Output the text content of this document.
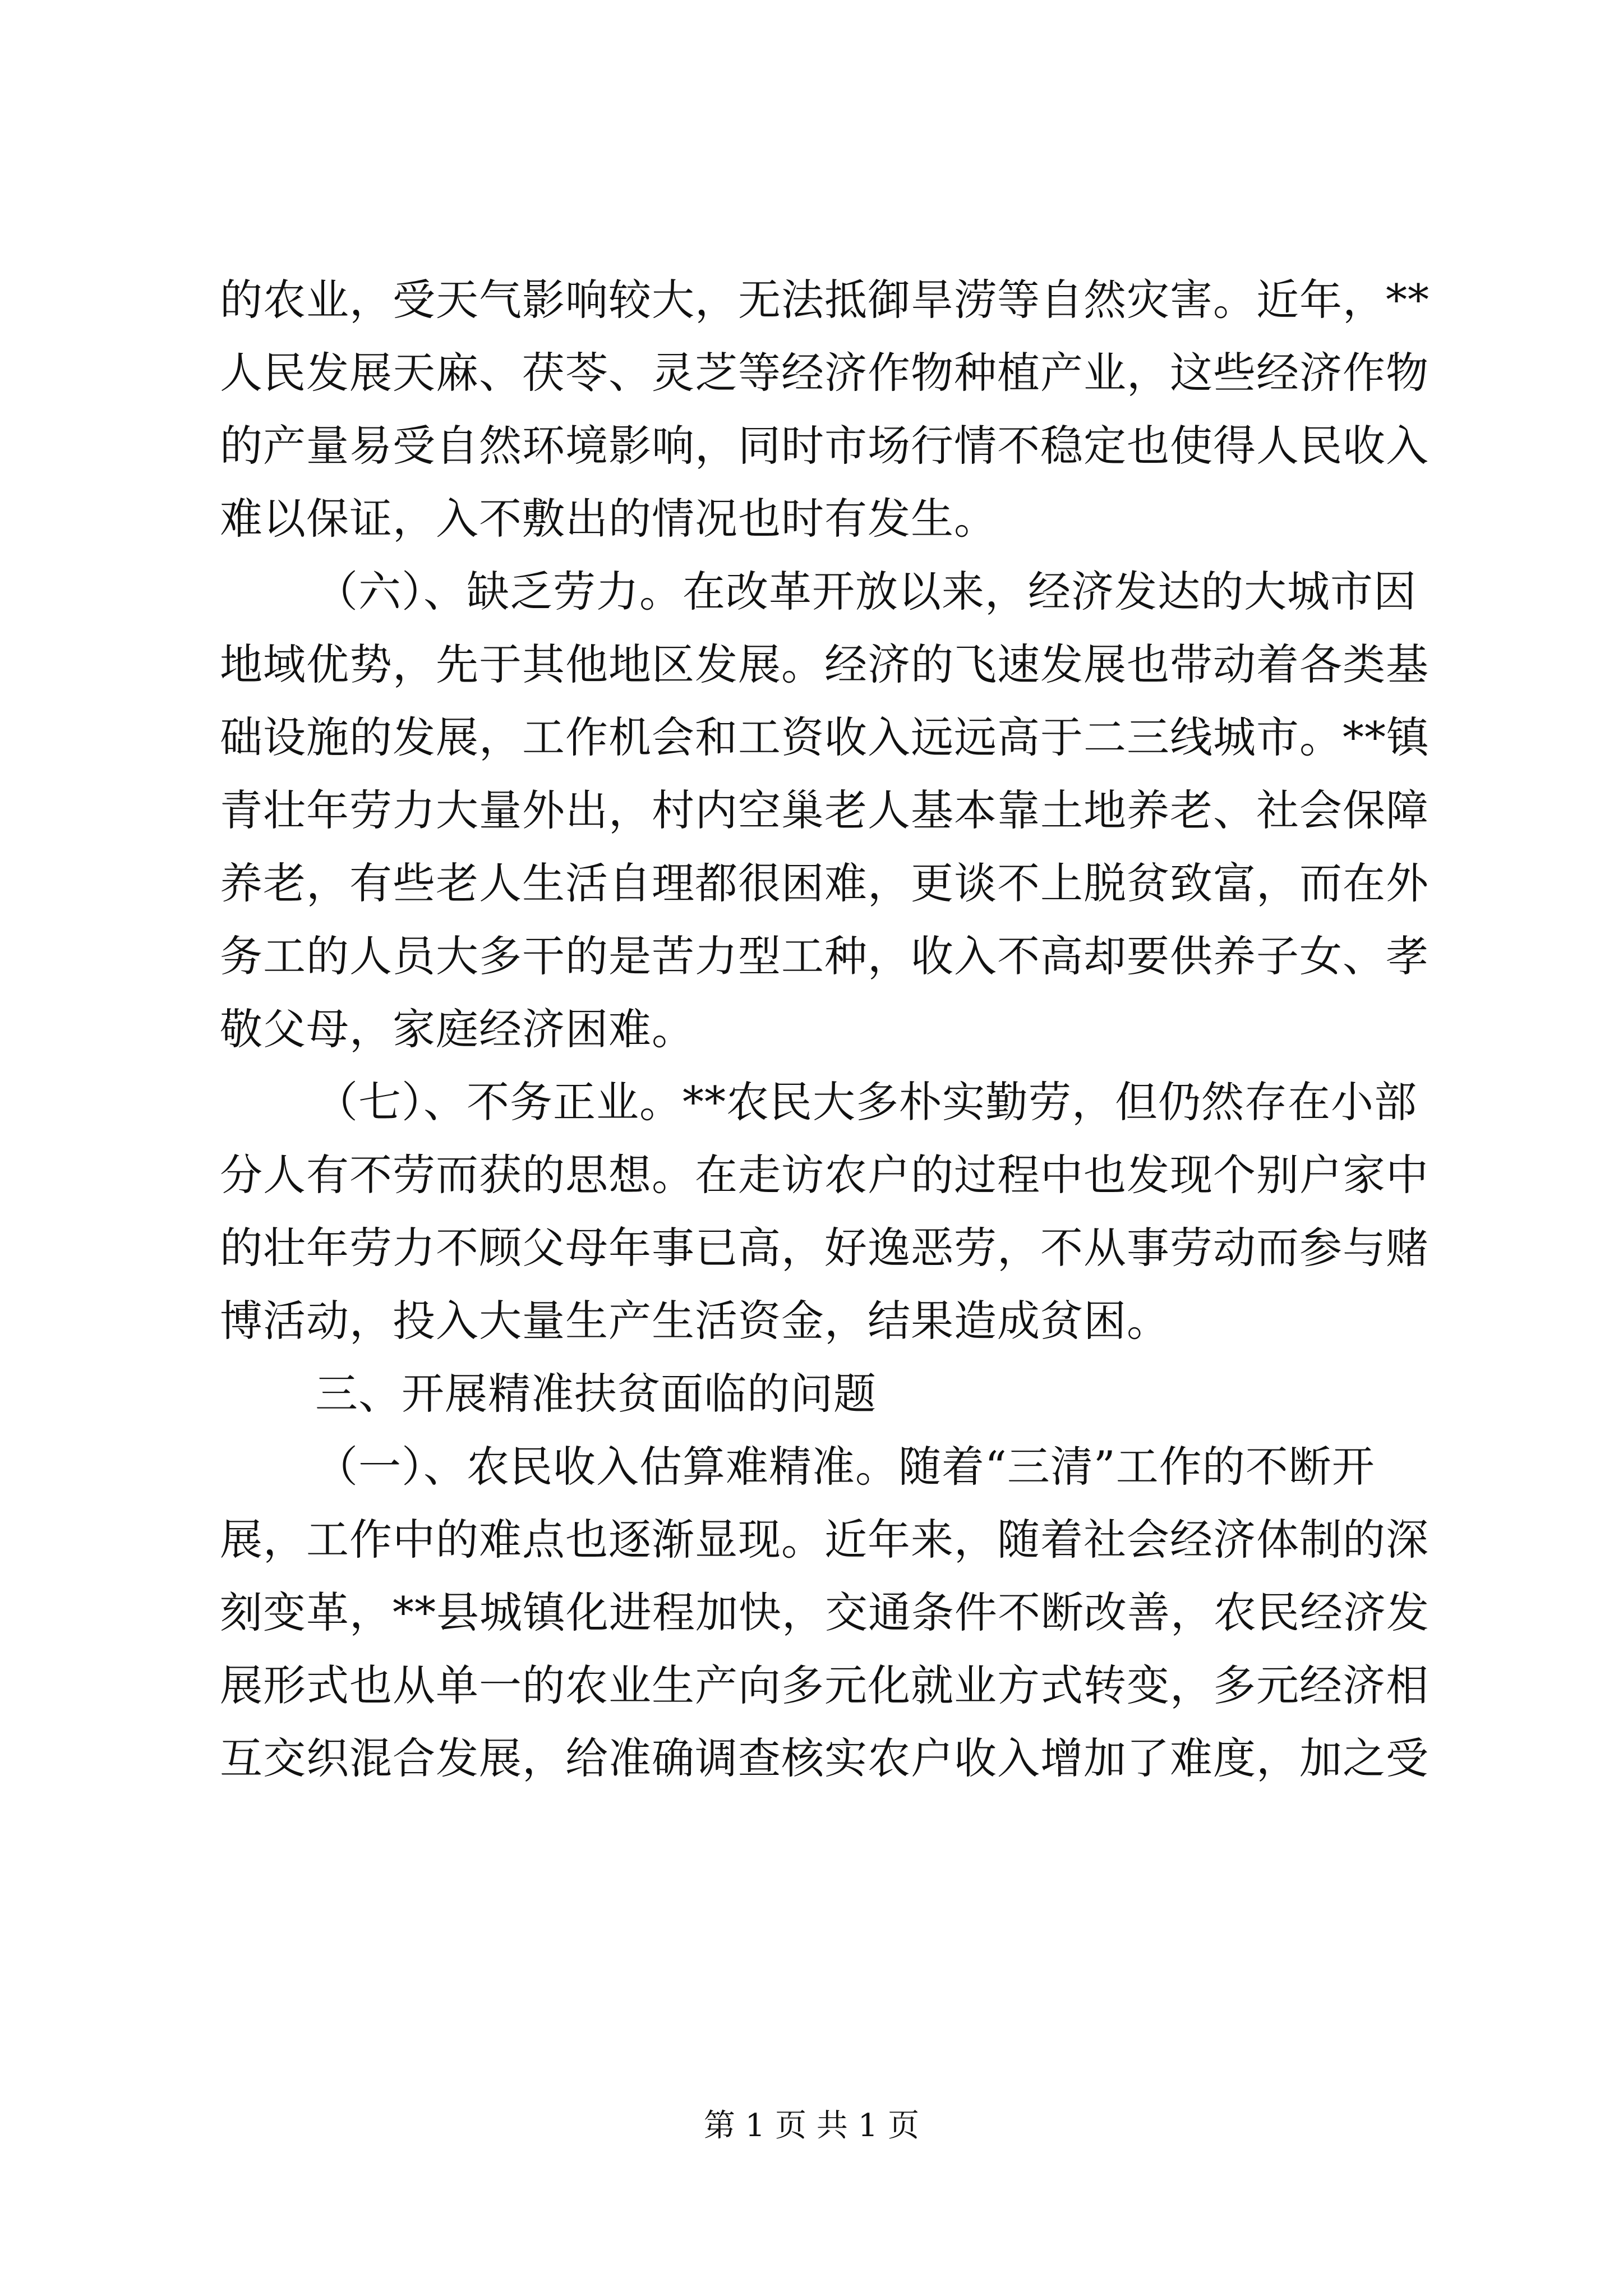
的农业，受天气影响较大，无法抵御旱涝等自然灾害。近年，**
人民发展天麻、茯苓、灵芝等经济作物种植产业，这些经济作物
的产量易受自然环境影响，同时市场行情不稳定也使得人民收入
难以保证，入不敷出的情况也时有发生。
（六）、缺乏劳力。在改革开放以来，经济发达的大城市因
地域优势，先于其他地区发展。经济的飞速发展也带动着各类基
础设施的发展，工作机会和工资收入远远高于二三线城市。**镇
青壮年劳力大量外出，村内空巢老人基本靠土地养老、社会保障
养老，有些老人生活自理都很困难，更谈不上脱贫致富，而在外
务工的人员大多干的是苦力型工种，收入不高却要供养子女、孝
敬父母，家庭经济困难。
（七）、不务正业。**农民大多朴实勤劳，但仍然存在小部
分人有不劳而获的思想。在走访农户的过程中也发现个别户家中
的壮年劳力不顾父母年事已高，好逸恶劳，不从事劳动而参与赌
博活动，投入大量生产生活资金，结果造成贫困。
三、开展精准扶贫面临的问题
（一）、农民收入估算难精准。随着“三清”工作的不断开
展，工作中的难点也逐渐显现。近年来，随着社会经济体制的深
刻变革，**县城镇化进程加快，交通条件不断改善，农民经济发
展形式也从单一的农业生产向多元化就业方式转变，多元经济相
互交织混合发展，给准确调查核实农户收入增加了难度，加之受
第 1 页 共 1 页
